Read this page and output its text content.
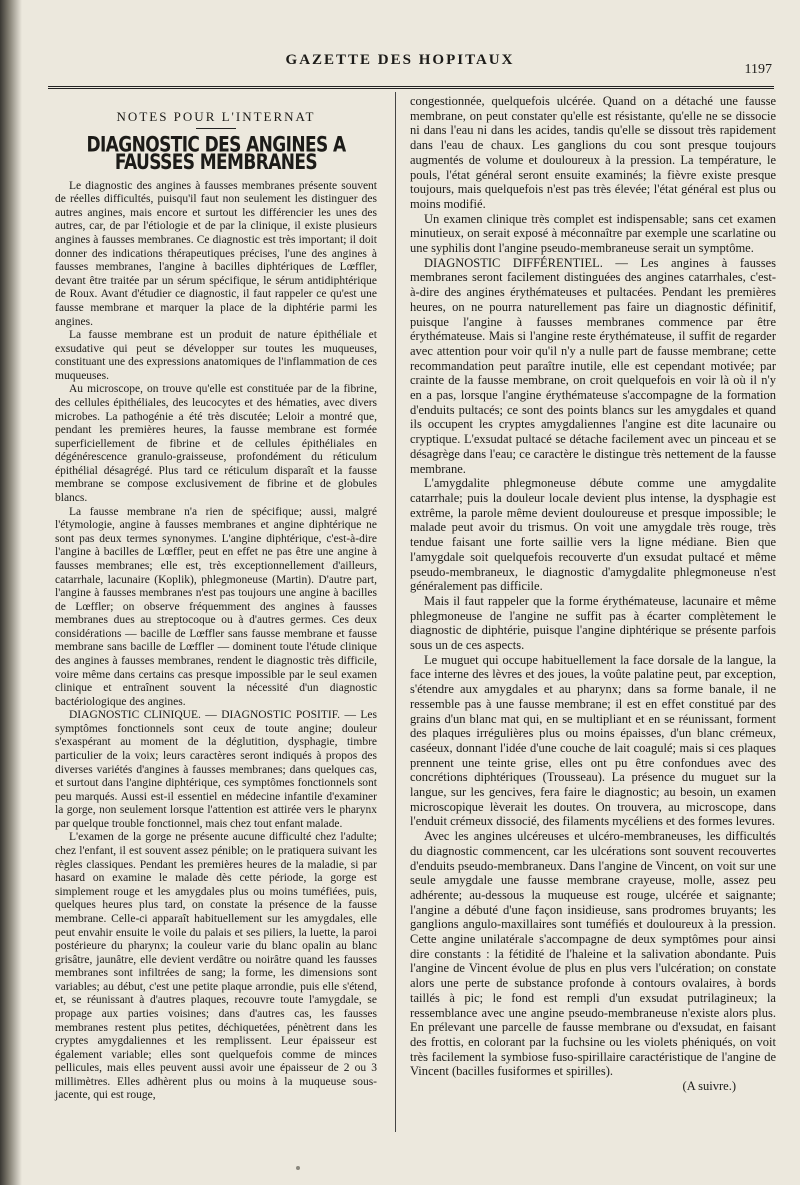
GAZETTE DES HOPITAUX
1197
NOTES POUR L'INTERNAT
DIAGNOSTIC DES ANGINES A FAUSSES MEMBRANES

Le diagnostic des angines à fausses membranes présente souvent de réelles difficultés, puisqu'il faut non seulement les distinguer des autres angines, mais encore et surtout les différencier les unes des autres, car, de par l'étiologie et de par la clinique, il existe plusieurs angines à fausses membranes. Ce diagnostic est très important; il doit donner des indications thérapeutiques précises, l'une des angines à fausses membranes, l'angine à bacilles diphtériques de Lœffler, devant être traitée par un sérum spécifique, le sérum antidiphtérique de Roux. Avant d'étudier ce diagnostic, il faut rappeler ce qu'est une fausse membrane et marquer la place de la diphtérie parmi les angines.

La fausse membrane est un produit de nature épithéliale et exsudative qui peut se développer sur toutes les muqueuses, constituant une des expressions anatomiques de l'inflammation de ces muqueuses.

Au microscope, on trouve qu'elle est constituée par de la fibrine, des cellules épithéliales, des leucocytes et des hématies, avec divers microbes. La pathogénie a été très discutée; Leloir a montré que, pendant les premières heures, la fausse membrane est formée superficiellement de fibrine et de cellules épithéliales en dégénérescence granulo-graisseuse, profondément du réticulum épithélial désagrégé. Plus tard ce réticulum disparaît et la fausse membrane se compose exclusivement de fibrine et de globules blancs.

La fausse membrane n'a rien de spécifique; aussi, malgré l'étymologie, angine à fausses membranes et angine diphtérique ne sont pas deux termes synonymes. L'angine diphtérique, c'est-à-dire l'angine à bacilles de Lœffler, peut en effet ne pas être une angine à fausses membranes; elle est, très exceptionnellement d'ailleurs, catarrhale, lacunaire (Koplik), phlegmoneuse (Martin). D'autre part, l'angine à fausses membranes n'est pas toujours une angine à bacilles de Lœffler; on observe fréquemment des angines à fausses membranes dues au streptocoque ou à d'autres germes. Ces deux considérations — bacille de Lœffler sans fausse membrane et fausse membrane sans bacille de Lœffler — dominent toute l'étude clinique des angines à fausses membranes, rendent le diagnostic très difficile, voire même dans certains cas presque impossible par le seul examen clinique et entraînent souvent la nécessité d'un diagnostic bactériologique des angines.

DIAGNOSTIC CLINIQUE. — DIAGNOSTIC POSITIF. — Les symptômes fonctionnels sont ceux de toute angine; douleur s'exaspérant au moment de la déglutition, dysphagie, timbre particulier de la voix; leurs caractères seront indiqués à propos des diverses variétés d'angines à fausses membranes; dans quelques cas, et surtout dans l'angine diphtérique, ces symptômes fonctionnels sont peu marqués. Aussi est-il essentiel en médecine infantile d'examiner la gorge, non seulement lorsque l'attention est attirée vers le pharynx par quelque trouble fonctionnel, mais chez tout enfant malade.

L'examen de la gorge ne présente aucune difficulté chez l'adulte; chez l'enfant, il est souvent assez pénible; on le pratiquera suivant les règles classiques. Pendant les premières heures de la maladie, si par hasard on examine le malade dès cette période, la gorge est simplement rouge et les amygdales plus ou moins tuméfiées, puis, quelques heures plus tard, on constate la présence de la fausse membrane. Celle-ci apparaît habituellement sur les amygdales, elle peut envahir ensuite le voile du palais et ses piliers, la luette, la paroi postérieure du pharynx; la couleur varie du blanc opalin au blanc grisâtre, jaunâtre, elle devient verdâtre ou noirâtre quand les fausses membranes sont infiltrées de sang; la forme, les dimensions sont variables; au début, c'est une petite plaque arrondie, puis elle s'étend, et, se réunissant à d'autres plaques, recouvre toute l'amygdale, se propage aux parties voisines; dans d'autres cas, les fausses membranes restent plus petites, déchiquetées, pénètrent dans les cryptes amygdaliennes et les remplissent. Leur épaisseur est également variable; elles sont quelquefois comme de minces pellicules, mais elles peuvent aussi avoir une épaisseur de 2 ou 3 millimètres. Elles adhèrent plus ou moins à la muqueuse sous-jacente, qui est rouge,

congestionnée, quelquefois ulcérée. Quand on a détaché une fausse membrane, on peut constater qu'elle est résistante, qu'elle ne se dissocie ni dans l'eau ni dans les acides, tandis qu'elle se dissout très rapidement dans l'eau de chaux. Les ganglions du cou sont presque toujours augmentés de volume et douloureux à la pression. La température, le pouls, l'état général seront ensuite examinés; la fièvre existe presque toujours, mais quelquefois n'est pas très élevée; l'état général est plus ou moins modifié.

Un examen clinique très complet est indispensable; sans cet examen minutieux, on serait exposé à méconnaître par exemple une scarlatine ou une syphilis dont l'angine pseudo-membraneuse serait un symptôme.

DIAGNOSTIC DIFFÉRENTIEL. — Les angines à fausses membranes seront facilement distinguées des angines catarrhales, c'est-à-dire des angines érythémateuses et pultacées. Pendant les premières heures, on ne pourra naturellement pas faire un diagnostic définitif, puisque l'angine à fausses membranes commence par être érythémateuse. Mais si l'angine reste érythémateuse, il suffit de regarder avec attention pour voir qu'il n'y a nulle part de fausse membrane; cette recommandation peut paraître inutile, elle est cependant motivée; par crainte de la fausse membrane, on croit quelquefois en voir là où il n'y en a pas, lorsque l'angine érythémateuse s'accompagne de la formation d'enduits pultacés; ce sont des points blancs sur les amygdales et quand ils occupent les cryptes amygdaliennes l'angine est dite lacunaire ou cryptique. L'exsudat pultacé se détache facilement avec un pinceau et se désagrège dans l'eau; ce caractère le distingue très nettement de la fausse membrane.

L'amygdalite phlegmoneuse débute comme une amygdalite catarrhale; puis la douleur locale devient plus intense, la dysphagie est extrême, la parole même devient douloureuse et presque impossible; le malade peut avoir du trismus. On voit une amygdale très rouge, très tendue faisant une forte saillie vers la ligne médiane. Bien que l'amygdale soit quelquefois recouverte d'un exsudat pultacé et même pseudo-membraneux, le diagnostic d'amygdalite phlegmoneuse n'est généralement pas difficile.

Mais il faut rappeler que la forme érythémateuse, lacunaire et même phlegmoneuse de l'angine ne suffit pas à écarter complètement le diagnostic de diphtérie, puisque l'angine diphtérique se présente parfois sous un de ces aspects.

Le muguet qui occupe habituellement la face dorsale de la langue, la face interne des lèvres et des joues, la voûte palatine peut, par exception, s'étendre aux amygdales et au pharynx; dans sa forme banale, il ne ressemble pas à une fausse membrane; il est en effet constitué par des grains d'un blanc mat qui, en se multipliant et en se réunissant, forment des plaques irrégulières plus ou moins épaisses, d'un blanc crémeux, caséeux, donnant l'idée d'une couche de lait coagulé; mais si ces plaques prennent une teinte grise, elles ont pu être confondues avec des concrétions diphtériques (Trousseau). La présence du muguet sur la langue, sur les gencives, fera faire le diagnostic; au besoin, un examen microscopique lèverait les doutes. On trouvera, au microscope, dans l'enduit crémeux dissocié, des filaments mycéliens et des formes levures.

Avec les angines ulcéreuses et ulcéro-membraneuses, les difficultés du diagnostic commencent, car les ulcérations sont souvent recouvertes d'enduits pseudo-membraneux. Dans l'angine de Vincent, on voit sur une seule amygdale une fausse membrane crayeuse, molle, assez peu adhérente; au-dessous la muqueuse est rouge, ulcérée et saignante; l'angine a débuté d'une façon insidieuse, sans prodromes bruyants; les ganglions angulo-maxillaires sont tuméfiés et douloureux à la pression. Cette angine unilatérale s'accompagne de deux symptômes pour ainsi dire constants : la fétidité de l'haleine et la salivation abondante. Puis l'angine de Vincent évolue de plus en plus vers l'ulcération; on constate alors une perte de substance profonde à contours ovalaires, à bords taillés à pic; le fond est rempli d'un exsudat putrilagineux; la ressemblance avec une angine pseudo-membraneuse n'existe alors plus. En prélevant une parcelle de fausse membrane ou d'exsudat, en faisant des frottis, en colorant par la fuchsine ou les violets phéniqués, on voit très facilement la symbiose fuso-spirillaire caractéristique de l'angine de Vincent (bacilles fusiformes et spirilles).

(A suivre.)
